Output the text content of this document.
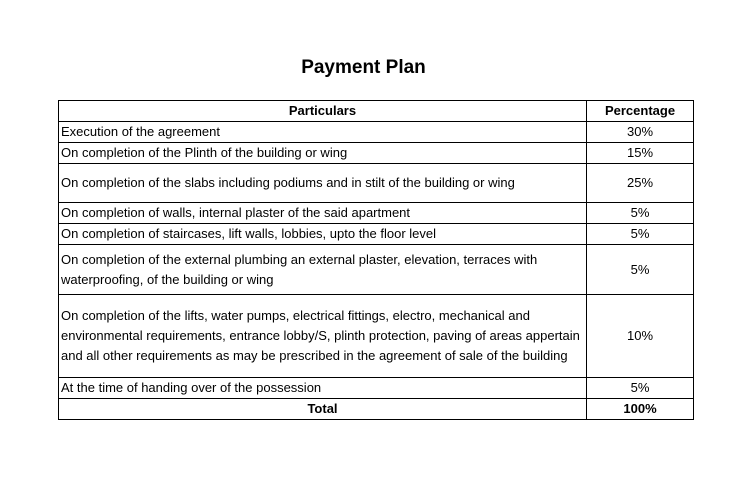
Payment Plan
Particulars	Percentage
Execution of the agreement	30%
On completion of the Plinth of the building or wing	15%
On completion of the slabs including podiums and in stilt of the building or wing	25%
On completion of walls, internal plaster of the said apartment	5%
On completion of staircases, lift walls, lobbies, upto the floor level	5%
On completion of the external plumbing an external plaster, elevation, terraces with waterproofing, of the building or wing	5%
On completion of the lifts, water pumps, electrical fittings, electro, mechanical and environmental requirements, entrance lobby/S, plinth protection, paving of areas appertain and all other requirements as may be prescribed in the agreement of sale of the building	10%
At the time of handing over of the possession	5%
Total	100%
